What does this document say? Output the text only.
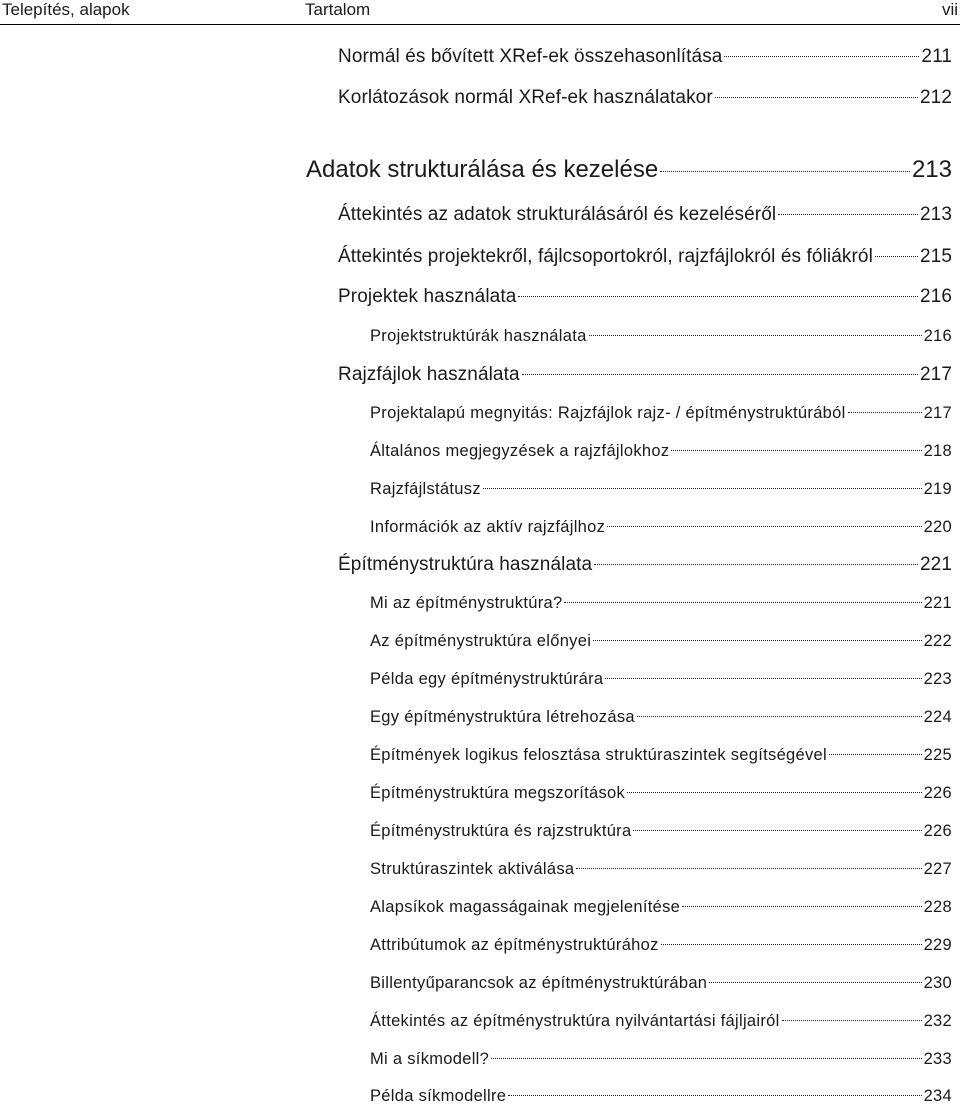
Telepítés, alapok	Tartalom	vii
Normál és bővített XRef-ek összehasonlítása	211
Korlátozások normál XRef-ek használatakor	212
Adatok strukturálása és kezelése	213
Áttekintés az adatok strukturálásáról és kezeléséről	213
Áttekintés projektekről, fájlcsoportokról, rajzfájlokról és fóliákról 215
Projektek használata	216
Projektstruktúrák használata	216
Rajzfájlok használata	217
Projektalapú megnyitás: Rajzfájlok rajz- / építménystruktúrából	217
Általános megjegyzések a rajzfájlokhoz	218
Rajzfájlstátusz	219
Információk az aktív rajzfájlhoz	220
Építménystruktúra használata	221
Mi az építménystruktúra?	221
Az építménystruktúra előnyei	222
Példa egy építménystruktúrára	223
Egy építménystruktúra létrehozása	224
Építmények logikus felosztása struktúraszintek segítségével	225
Építménystruktúra megszorítások	226
Építménystruktúra és rajzstruktúra	226
Struktúraszintek aktiválása	227
Alapsíkok magasságainak megjelenítése	228
Attribútumok az építménystruktúrához	229
Billentyűparancsok az építménystruktúrában	230
Áttekintés az építménystruktúra nyilvántartási fájljairól	232
Mi a síkmodell?	233
Példa síkmodellre	234
